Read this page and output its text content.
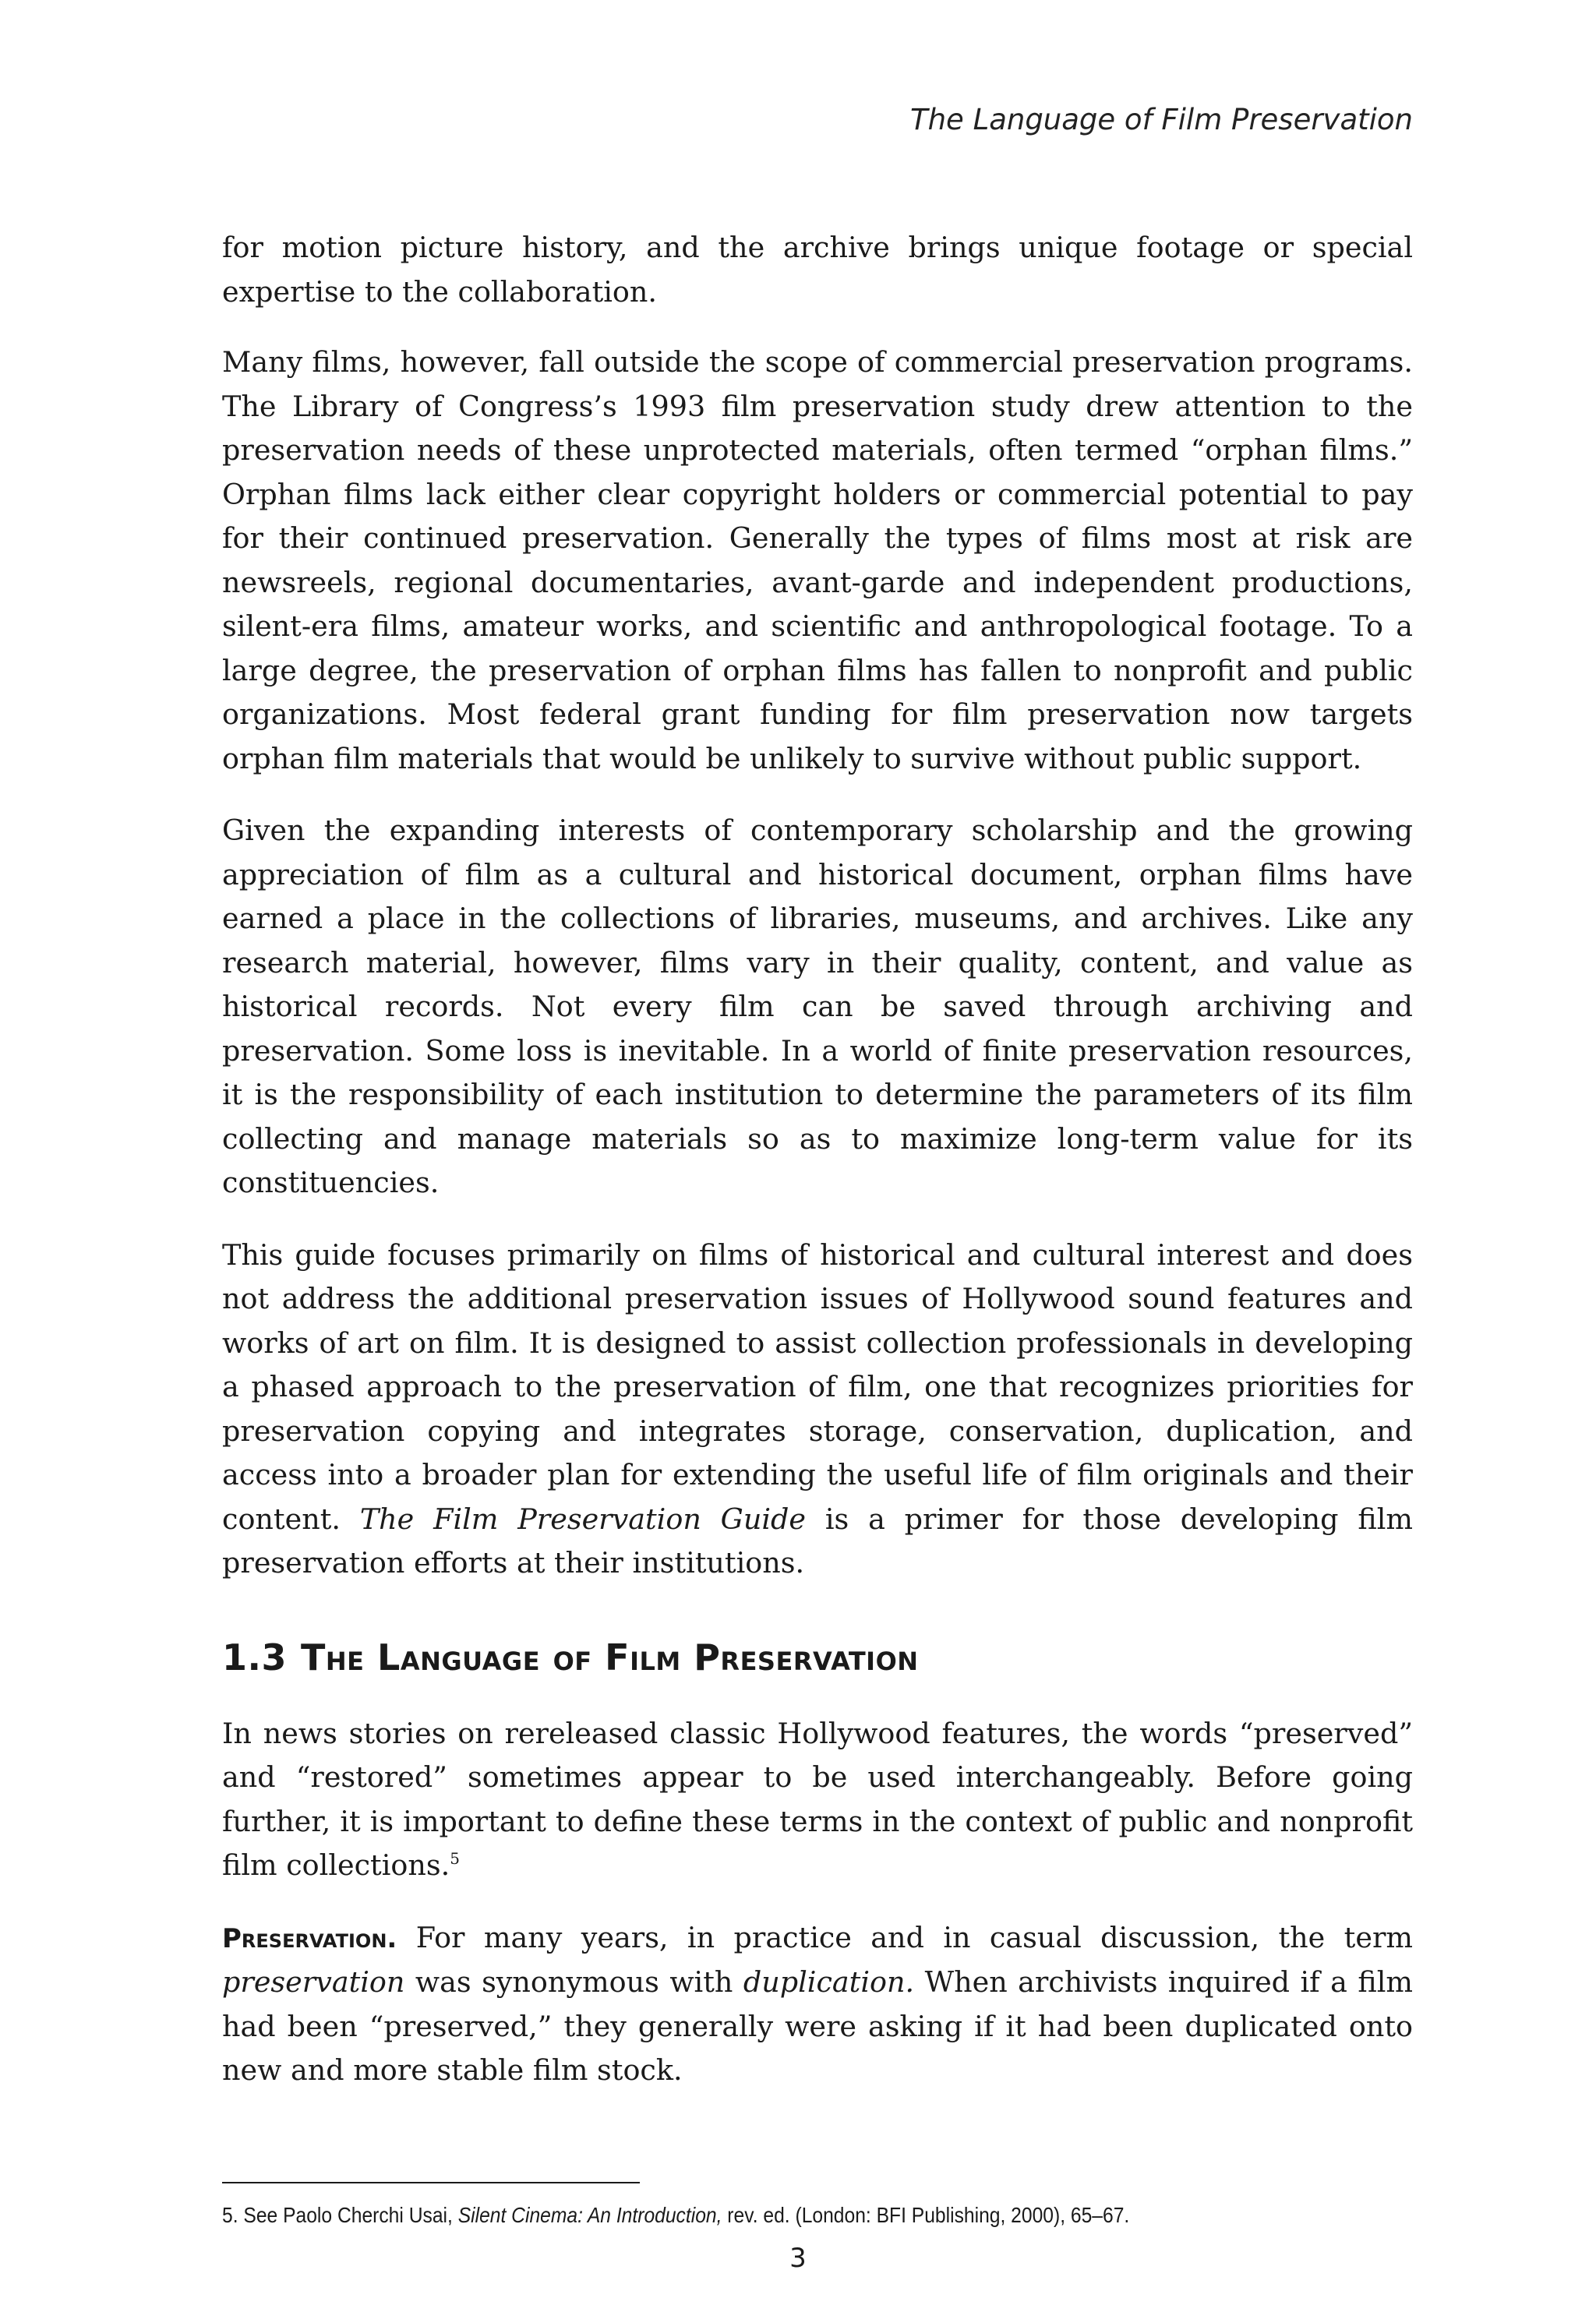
The Language of Film Preservation

for motion picture history, and the archive brings unique footage or special expertise to the collaboration.

Many films, however, fall outside the scope of commercial preservation programs. The Library of Congress’s 1993 film preservation study drew attention to the preservation needs of these unprotected materials, often termed “orphan films.” Orphan films lack either clear copyright holders or commercial potential to pay for their continued preservation. Generally the types of films most at risk are newsreels, regional documentaries, avant-garde and independent productions, silent-era films, amateur works, and scientific and anthropological footage. To a large degree, the preservation of orphan films has fallen to nonprofit and public organizations. Most federal grant funding for film preservation now targets orphan film materials that would be unlikely to survive without public support.

Given the expanding interests of contemporary scholarship and the growing appreciation of film as a cultural and historical document, orphan films have earned a place in the collections of libraries, museums, and archives. Like any research material, however, films vary in their quality, content, and value as historical records. Not every film can be saved through archiving and preservation. Some loss is inevitable. In a world of finite preservation resources, it is the responsibility of each institution to determine the parameters of its film collecting and manage materials so as to maximize long-term value for its constituencies.

This guide focuses primarily on films of historical and cultural interest and does not address the additional preservation issues of Hollywood sound features and works of art on film. It is designed to assist collection professionals in developing a phased approach to the preservation of film, one that recognizes priorities for preservation copying and integrates storage, conservation, duplication, and access into a broader plan for extending the useful life of film originals and their content. The Film Preservation Guide is a primer for those developing film preservation efforts at their institutions.

1.3 The Language of Film Preservation

In news stories on rereleased classic Hollywood features, the words “preserved” and “restored” sometimes appear to be used interchangeably. Before going further, it is important to define these terms in the context of public and nonprofit film collections.$^5$

Preservation. For many years, in practice and in casual discussion, the term preservation was synonymous with duplication. When archivists inquired if a film had been “preserved,” they generally were asking if it had been duplicated onto new and more stable film stock.

5. See Paolo Cherchi Usai, Silent Cinema: An Introduction, rev. ed. (London: BFI Publishing, 2000), 65–67.
3
